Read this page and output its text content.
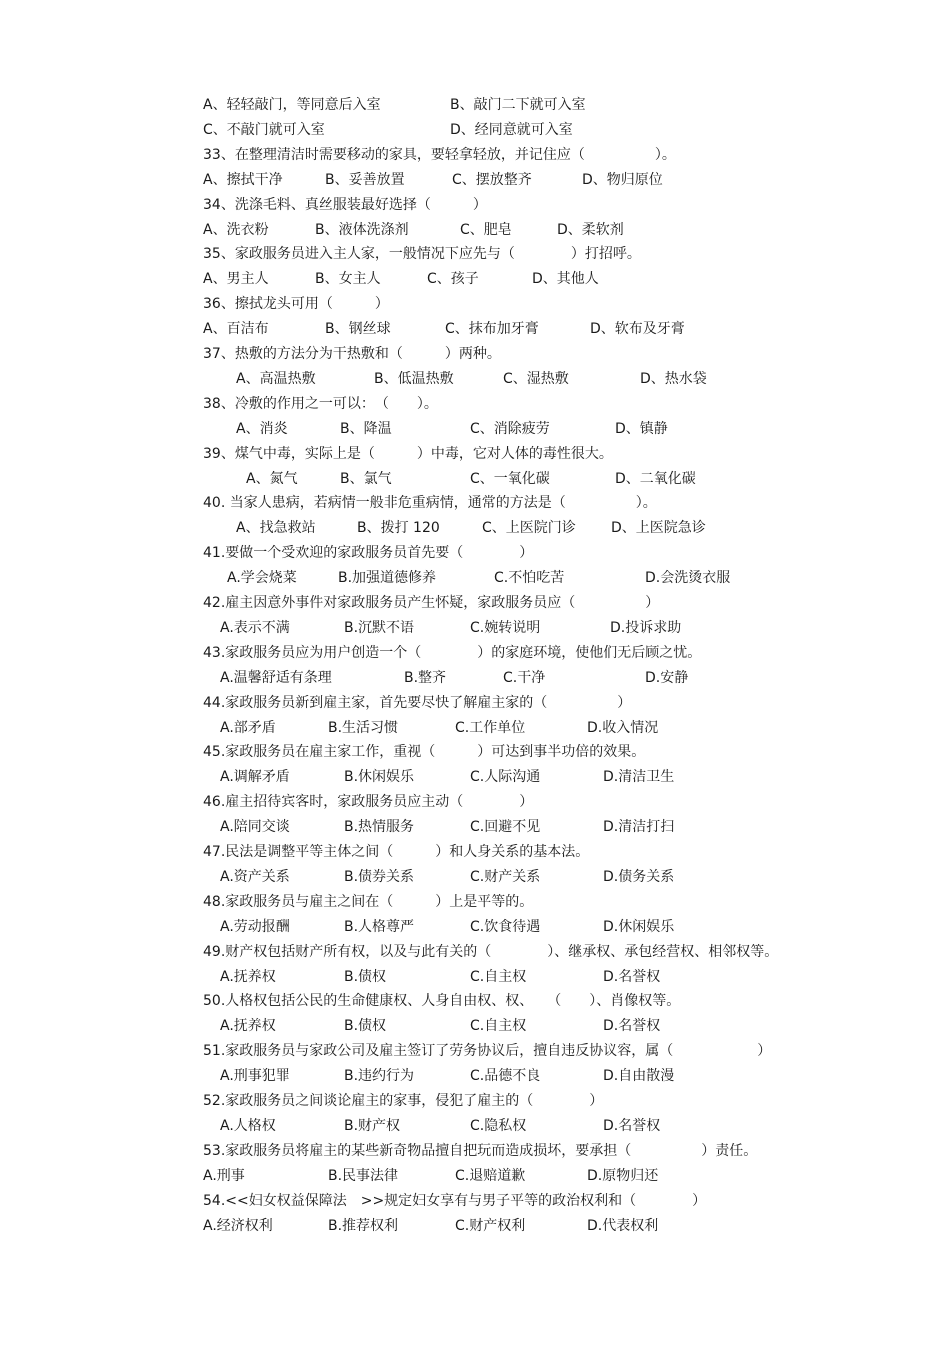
A、轻轻敲门，等同意后入室	B、敲门二下就可入室
C、不敲门就可入室	D、经同意就可入室
33、在整理清洁时需要移动的家具，要轻拿轻放，并记住应（　　　　　）。
A、擦拭干净	B、妥善放置	C、摆放整齐	D、物归原位
34、洗涤毛料、真丝服装最好选择（　　　）
A、洗衣粉	B、液体洗涤剂	C、肥皂	D、柔软剂
35、家政服务员进入主人家，一般情况下应先与（　　　　）打招呼。
A、男主人	B、女主人	C、孩子	D、其他人
36、擦拭龙头可用（　　　）
A、百洁布	B、钢丝球	C、抹布加牙膏	D、软布及牙膏
37、热敷的方法分为干热敷和（　　　）两种。
A、高温热敷	B、低温热敷	C、湿热敷	D、热水袋
38、冷敷的作用之一可以：　（　　）。
A、消炎	B、降温	C、消除疲劳	D、镇静
39、煤气中毒，实际上是（　　　）中毒，它对人体的毒性很大。
A、氮气	B、氯气	C、一氧化碳	D、二氧化碳
40. 当家人患病，若病情一般非危重病情，通常的方法是（　　　　　）。
A、找急救站	B、拨打 120	C、上医院门诊	D、上医院急诊
41.要做一个受欢迎的家政服务员首先要（　　　　）
A.学会烧菜	B.加强道德修养	C.不怕吃苦	D.会洗烫衣服
42.雇主因意外事件对家政服务员产生怀疑，家政服务员应（　　　　　）
A.表示不满	B.沉默不语	C.婉转说明	D.投诉求助
43.家政服务员应为用户创造一个（　　　　）的家庭环境，使他们无后顾之忧。
A.温馨舒适有条理	B.整齐	C.干净	D.安静
44.家政服务员新到雇主家，首先要尽快了解雇主家的（　　　　　）
A.部矛盾	B.生活习惯	C.工作单位	D.收入情况
45.家政服务员在雇主家工作，重视（　　　）可达到事半功倍的效果。
A.调解矛盾	B.休闲娱乐	C.人际沟通	D.清洁卫生
46.雇主招待宾客时，家政服务员应主动（　　　　）
A.陪同交谈	B.热情服务	C.回避不见	D.清洁打扫
47.民法是调整平等主体之间（　　　）和人身关系的基本法。
A.资产关系	B.债券关系	C.财产关系	D.债务关系
48.家政服务员与雇主之间在（　　　）上是平等的。
A.劳动报酬	B.人格尊严	C.饮食待遇	D.休闲娱乐
49.财产权包括财产所有权，以及与此有关的（　　　　）、继承权、承包经营权、相邻权等。
A.抚养权	B.债权	C.自主权	D.名誉权
50.人格权包括公民的生命健康权、人身自由权、权、　　（　　）、肖像权等。
A.抚养权	B.债权	C.自主权	D.名誉权
51.家政服务员与家政公司及雇主签订了劳务协议后，擅自违反协议容，属（　　　　　　）
A.刑事犯罪	B.违约行为	C.品德不良	D.自由散漫
52.家政服务员之间谈论雇主的家事，侵犯了雇主的（　　　　）
A.人格权	B.财产权	C.隐私权	D.名誉权
53.家政服务员将雇主的某些新奇物品擅自把玩而造成损坏，要承担（　　　　　）责任。
A.刑事	B.民事法律	C.退赔道歉	D.原物归还
54.<<妇女权益保障法　>>规定妇女享有与男子平等的政治权利和（　　　　）
A.经济权利	B.推荐权利	C.财产权利	D.代表权利
